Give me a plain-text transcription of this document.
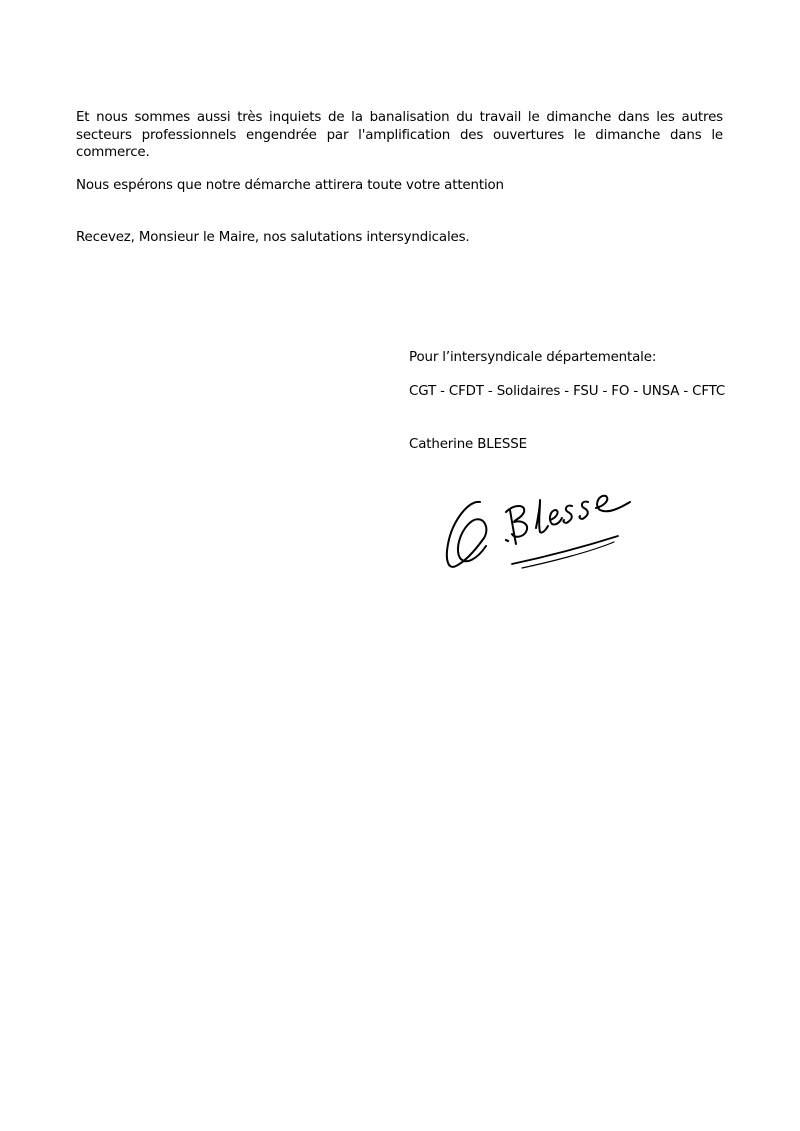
Et nous sommes aussi très inquiets de la banalisation du travail le dimanche dans les autres secteurs professionnels engendrée par l'amplification des ouvertures le dimanche dans le commerce.

Nous espérons que notre démarche attirera toute votre attention

Recevez, Monsieur le Maire, nos salutations intersyndicales.

Pour l’intersyndicale départementale:

CGT - CFDT - Solidaires - FSU - FO - UNSA - CFTC

Catherine BLESSE
